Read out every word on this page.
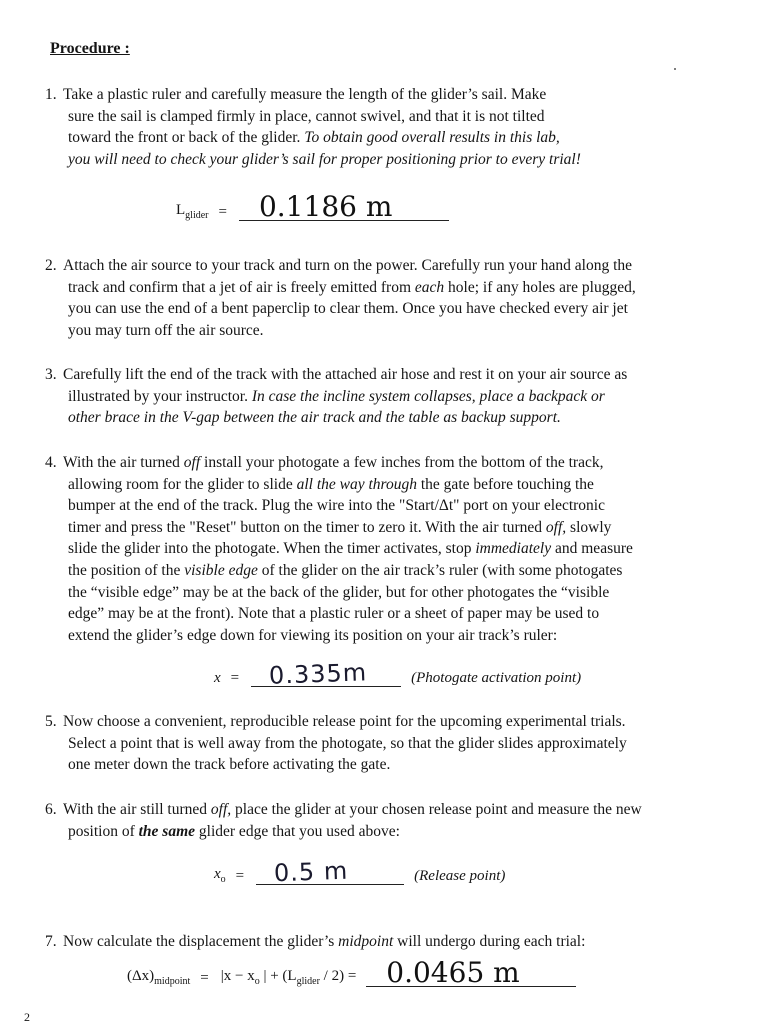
Procedure :
1. Take a plastic ruler and carefully measure the length of the glider’s sail. Make
sure the sail is clamped firmly in place, cannot swivel, and that it is not tilted
toward the front or back of the glider. To obtain good overall results in this lab,
you will need to check your glider’s sail for proper positioning prior to every trial!
$L_{glider} = 0.1186$ m
2. Attach the air source to your track and turn on the power. Carefully run your hand along the
track and confirm that a jet of air is freely emitted from each hole; if any holes are plugged,
you can use the end of a bent paperclip to clear them. Once you have checked every air jet
you may turn off the air source.
3. Carefully lift the end of the track with the attached air hose and rest it on your air source as
illustrated by your instructor. In case the incline system collapses, place a backpack or
other brace in the V-gap between the air track and the table as backup support.
4. With the air turned off install your photogate a few inches from the bottom of the track,
allowing room for the glider to slide all the way through the gate before touching the
bumper at the end of the track. Plug the wire into the "Start/Δt" port on your electronic
timer and press the "Reset" button on the timer to zero it. With the air turned off, slowly
slide the glider into the photogate. When the timer activates, stop immediately and measure
the position of the visible edge of the glider on the air track’s ruler (with some photogates
the “visible edge” may be at the back of the glider, but for other photogates the “visible
edge” may be at the front). Note that a plastic ruler or a sheet of paper may be used to
extend the glider’s edge down for viewing its position on your air track’s ruler:
x = 0.335m	(Photogate activation point)
5. Now choose a convenient, reproducible release point for the upcoming experimental trials.
Select a point that is well away from the photogate, so that the glider slides approximately
one meter down the track before activating the gate.
6. With the air still turned off, place the glider at your chosen release point and measure the new
position of the same glider edge that you used above:
$x_o = 0.5$ m	(Release point)
7. Now calculate the displacement the glider’s midpoint will undergo during each trial:
$(\Delta x)_{midpoint} = |x - x_o$ | + $(L_{glider} / 2) = 0.0465$ m
2
